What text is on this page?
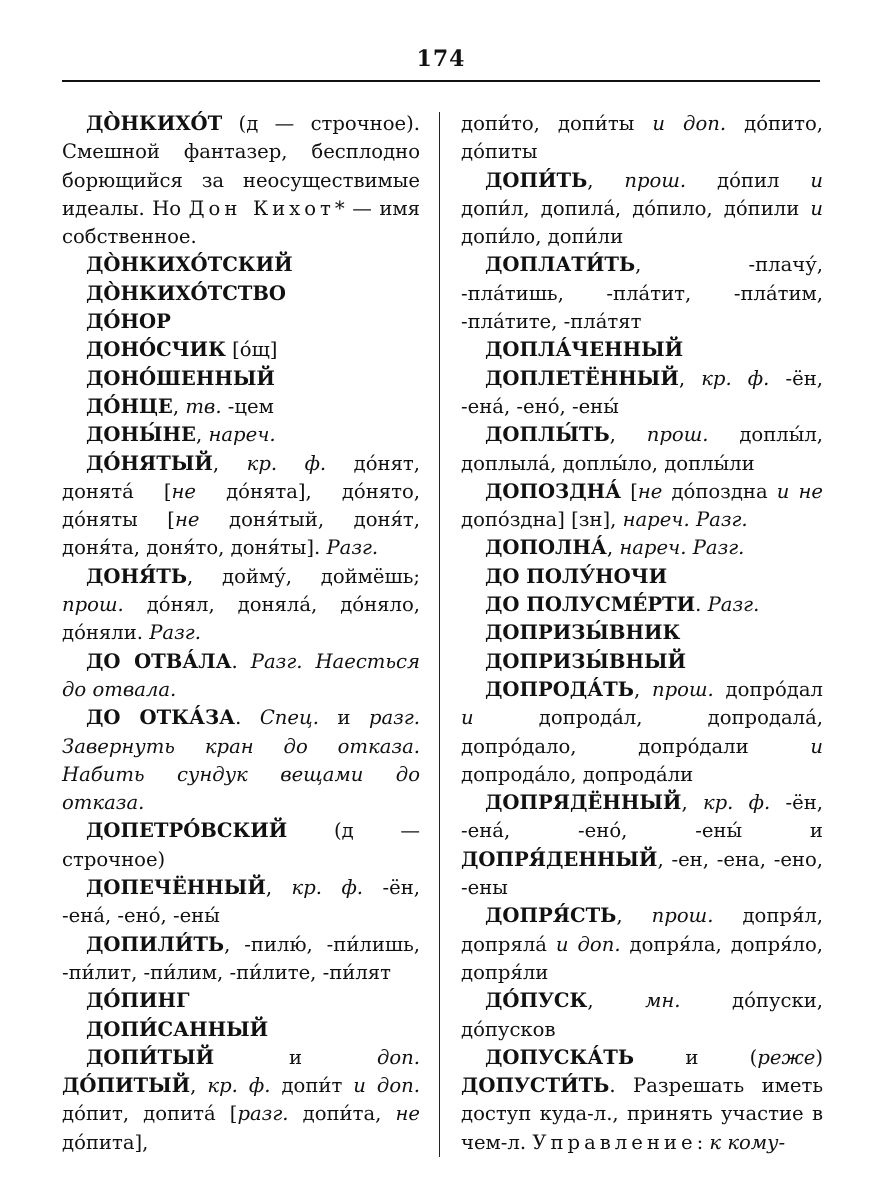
174

ДО̀НКИХО́Т (д — строчное). Смешной фантазер, бесплодно борющийся за неосуществимые идеалы. Но Дон Кихот* — имя собственное.

ДО̀НКИХО́ТСКИЙ

ДО̀НКИХО́ТСТВО

ДО́НОР

ДОНО́СЧИК [о́щ]

ДОНО́ШЕННЫЙ

ДО́НЦЕ, тв. -цем

ДОНЫ́НЕ, нареч.

ДО́НЯТЫЙ, кр. ф. до́нят, донята́ [не до́нята], до́нято, до́няты [не доня́тый, доня́т, доня́та, доня́то, доня́ты]. Разг.

ДОНЯ́ТЬ, дойму́, доймёшь; прош. до́нял, доняла́, до́няло, до́няли. Разг.

ДО ОТВА́ЛА. Разг. Наесться до отвала.

ДО ОТКА́ЗА. Спец. и разг. Завернуть кран до отказа. Набить сундук вещами до отказа.

ДОПЕТРО́ВСКИЙ (д — строчное)

ДОПЕЧЁННЫЙ, кр. ф. -ён, -ена́, -ено́, -ены́

ДОПИЛИ́ТЬ, -пилю́, -пи́лишь, -пи́лит, -пи́лим, -пи́лите, -пи́лят

ДО́ПИНГ

ДОПИ́САННЫЙ

ДОПИ́ТЫЙ и доп. ДО́ПИТЫЙ, кр. ф. допи́т и доп. до́пит, допита́ [разг. допи́та, не до́пита],

допи́то, допи́ты и доп. до́пито, до́питы

ДОПИ́ТЬ, прош. до́пил и допи́л, допила́, до́пило, до́пили и допи́ло, допи́ли

ДОПЛАТИ́ТЬ, -плачу́, -пла́тишь, -пла́тит, -пла́тим, -пла́тите, -пла́тят

ДОПЛА́ЧЕННЫЙ

ДОПЛЕТЁННЫЙ, кр. ф. -ён, -ена́, -ено́, -ены́

ДОПЛЫ́ТЬ, прош. доплы́л, доплыла́, доплы́ло, доплы́ли

ДОПОЗДНА́ [не до́поздна и не допо́здна] [зн], нареч. Разг.

ДОПОЛНА́, нареч. Разг.

ДО ПОЛУ́НОЧИ

ДО ПОЛУСМЕ́РТИ. Разг.

ДОПРИЗЫ́ВНИК

ДОПРИЗЫ́ВНЫЙ

ДОПРОДА́ТЬ, прош. допро́дал и допрода́л, допродала́, допро́дало, допро́дали и допрода́ло, допрода́ли

ДОПРЯДЁННЫЙ, кр. ф. -ён, -ена́, -ено́, -ены́ и ДОПРЯ́ДЕННЫЙ, -ен, -ена, -ено, -ены

ДОПРЯ́СТЬ, прош. допря́л, допряла́ и доп. допря́ла, допря́ло, допря́ли

ДО́ПУСК, мн. до́пуски, до́пусков

ДОПУСКА́ТЬ и (реже) ДОПУСТИ́ТЬ. Разрешать иметь доступ куда-л., принять участие в чем-л. Управление: к кому-
